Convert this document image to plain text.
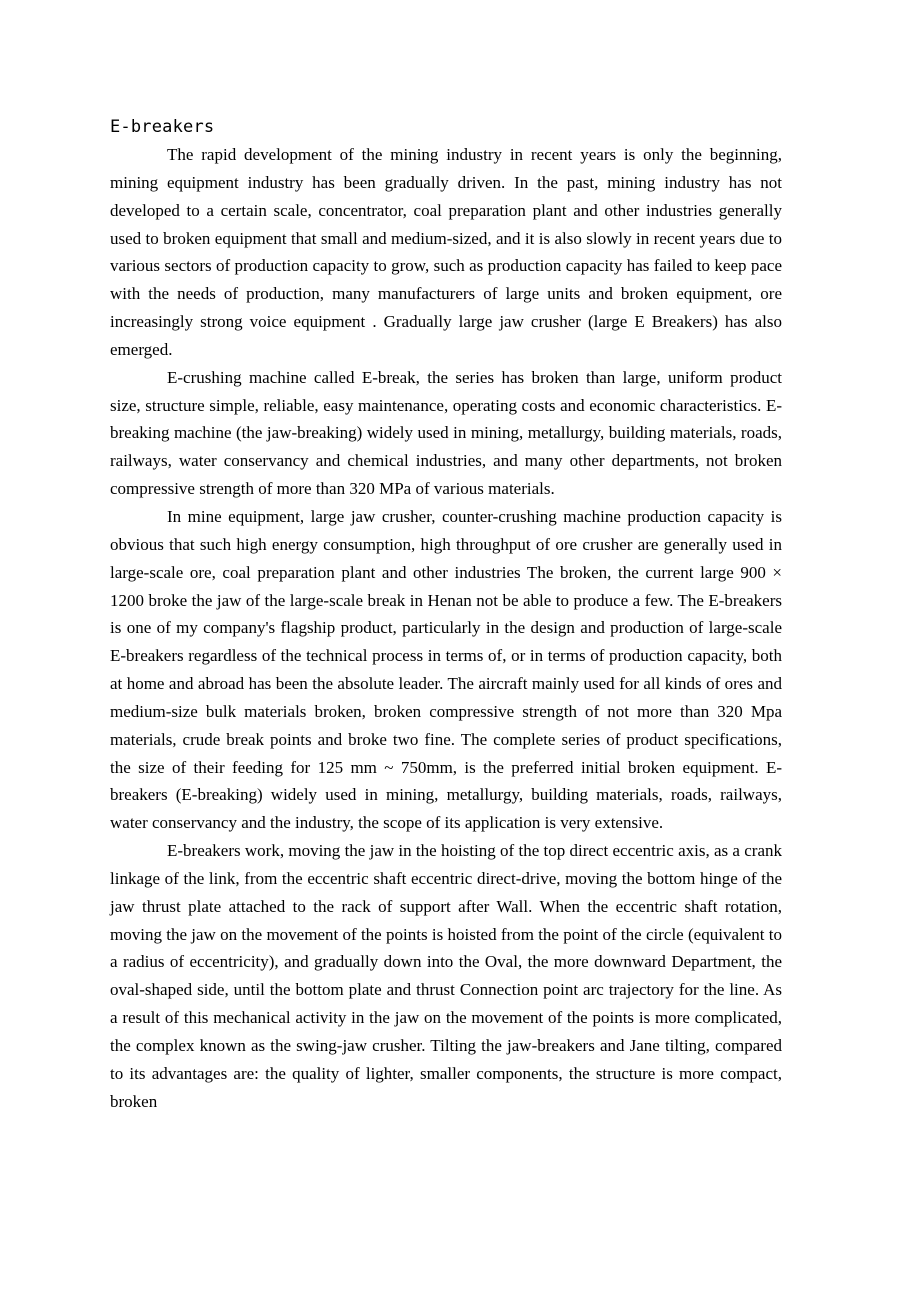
E-breakers

The rapid development of the mining industry in recent years is only the beginning, mining equipment industry has been gradually driven. In the past, mining industry has not developed to a certain scale, concentrator, coal preparation plant and other industries generally used to broken equipment that small and medium-sized, and it is also slowly in recent years due to various sectors of production capacity to grow, such as production capacity has failed to keep pace with the needs of production, many manufacturers of large units and broken equipment, ore increasingly strong voice equipment . Gradually large jaw crusher (large E Breakers) has also emerged.

E-crushing machine called E-break, the series has broken than large, uniform product size, structure simple, reliable, easy maintenance, operating costs and economic characteristics. E-breaking machine (the jaw-breaking) widely used in mining, metallurgy, building materials, roads, railways, water conservancy and chemical industries, and many other departments, not broken compressive strength of more than 320 MPa of various materials.

In mine equipment, large jaw crusher, counter-crushing machine production capacity is obvious that such high energy consumption, high throughput of ore crusher are generally used in large-scale ore, coal preparation plant and other industries The broken, the current large 900 × 1200 broke the jaw of the large-scale break in Henan not be able to produce a few. The E-breakers is one of my company's flagship product, particularly in the design and production of large-scale E-breakers regardless of the technical process in terms of, or in terms of production capacity, both at home and abroad has been the absolute leader. The aircraft mainly used for all kinds of ores and medium-size bulk materials broken, broken compressive strength of not more than 320 Mpa materials, crude break points and broke two fine. The complete series of product specifications, the size of their feeding for 125 mm ~ 750mm, is the preferred initial broken equipment. E-breakers (E-breaking) widely used in mining, metallurgy, building materials, roads, railways, water conservancy and the industry, the scope of its application is very extensive.

E-breakers work, moving the jaw in the hoisting of the top direct eccentric axis, as a crank linkage of the link, from the eccentric shaft eccentric direct-drive, moving the bottom hinge of the jaw thrust plate attached to the rack of support after Wall. When the eccentric shaft rotation, moving the jaw on the movement of the points is hoisted from the point of the circle (equivalent to a radius of eccentricity), and gradually down into the Oval, the more downward Department, the oval-shaped side, until the bottom plate and thrust Connection point arc trajectory for the line. As a result of this mechanical activity in the jaw on the movement of the points is more complicated, the complex known as the swing-jaw crusher. Tilting the jaw-breakers and Jane tilting, compared to its advantages are: the quality of lighter, smaller components, the structure is more compact, broken
